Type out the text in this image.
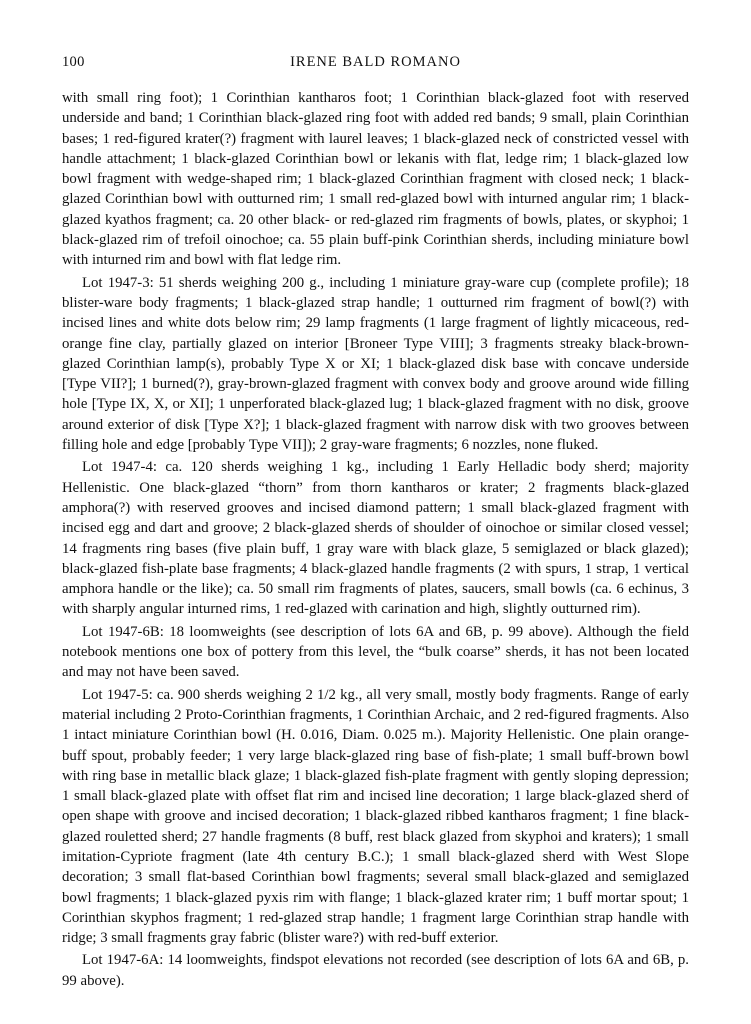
100	IRENE BALD ROMANO

with small ring foot); 1 Corinthian kantharos foot; 1 Corinthian black-glazed foot with reserved underside and band; 1 Corinthian black-glazed ring foot with added red bands; 9 small, plain Corinthian bases; 1 red-figured krater(?) fragment with laurel leaves; 1 black-glazed neck of constricted vessel with handle attachment; 1 black-glazed Corinthian bowl or lekanis with flat, ledge rim; 1 black-glazed low bowl fragment with wedge-shaped rim; 1 black-glazed Corinthian fragment with closed neck; 1 black-glazed Corinthian bowl with outturned rim; 1 small red-glazed bowl with inturned angular rim; 1 black-glazed kyathos fragment; ca. 20 other black- or red-glazed rim fragments of bowls, plates, or skyphoi; 1 black-glazed rim of trefoil oinochoe; ca. 55 plain buff-pink Corinthian sherds, including miniature bowl with inturned rim and bowl with flat ledge rim.

Lot 1947-3: 51 sherds weighing 200 g., including 1 miniature gray-ware cup (complete profile); 18 blister-ware body fragments; 1 black-glazed strap handle; 1 outturned rim fragment of bowl(?) with incised lines and white dots below rim; 29 lamp fragments (1 large fragment of lightly micaceous, red-orange fine clay, partially glazed on interior [Broneer Type VIII]; 3 fragments streaky black-brown-glazed Corinthian lamp(s), probably Type X or XI; 1 black-glazed disk base with concave underside [Type VII?]; 1 burned(?), gray-brown-glazed fragment with convex body and groove around wide filling hole [Type IX, X, or XI]; 1 unperforated black-glazed lug; 1 black-glazed fragment with no disk, groove around exterior of disk [Type X?]; 1 black-glazed fragment with narrow disk with two grooves between filling hole and edge [probably Type VII]); 2 gray-ware fragments; 6 nozzles, none fluked.

Lot 1947-4: ca. 120 sherds weighing 1 kg., including 1 Early Helladic body sherd; majority Hellenistic. One black-glazed “thorn” from thorn kantharos or krater; 2 fragments black-glazed amphora(?) with reserved grooves and incised diamond pattern; 1 small black-glazed fragment with incised egg and dart and groove; 2 black-glazed sherds of shoulder of oinochoe or similar closed vessel; 14 fragments ring bases (five plain buff, 1 gray ware with black glaze, 5 semiglazed or black glazed); black-glazed fish-plate base fragments; 4 black-glazed handle fragments (2 with spurs, 1 strap, 1 vertical amphora handle or the like); ca. 50 small rim fragments of plates, saucers, small bowls (ca. 6 echinus, 3 with sharply angular inturned rims, 1 red-glazed with carination and high, slightly outturned rim).

Lot 1947-6B: 18 loomweights (see description of lots 6A and 6B, p. 99 above). Although the field notebook mentions one box of pottery from this level, the “bulk coarse” sherds, it has not been located and may not have been saved.

Lot 1947-5: ca. 900 sherds weighing 2 1/2 kg., all very small, mostly body fragments. Range of early material including 2 Proto-Corinthian fragments, 1 Corinthian Archaic, and 2 red-figured fragments. Also 1 intact miniature Corinthian bowl (H. 0.016, Diam. 0.025 m.). Majority Hellenistic. One plain orange-buff spout, probably feeder; 1 very large black-glazed ring base of fish-plate; 1 small buff-brown bowl with ring base in metallic black glaze; 1 black-glazed fish-plate fragment with gently sloping depression; 1 small black-glazed plate with offset flat rim and incised line decoration; 1 large black-glazed sherd of open shape with groove and incised decoration; 1 black-glazed ribbed kantharos fragment; 1 fine black-glazed rouletted sherd; 27 handle fragments (8 buff, rest black glazed from skyphoi and kraters); 1 small imitation-Cypriote fragment (late 4th century B.C.); 1 small black-glazed sherd with West Slope decoration; 3 small flat-based Corinthian bowl fragments; several small black-glazed and semiglazed bowl fragments; 1 black-glazed pyxis rim with flange; 1 black-glazed krater rim; 1 buff mortar spout; 1 Corinthian skyphos fragment; 1 red-glazed strap handle; 1 fragment large Corinthian strap handle with ridge; 3 small fragments gray fabric (blister ware?) with red-buff exterior.

Lot 1947-6A: 14 loomweights, findspot elevations not recorded (see description of lots 6A and 6B, p. 99 above).
